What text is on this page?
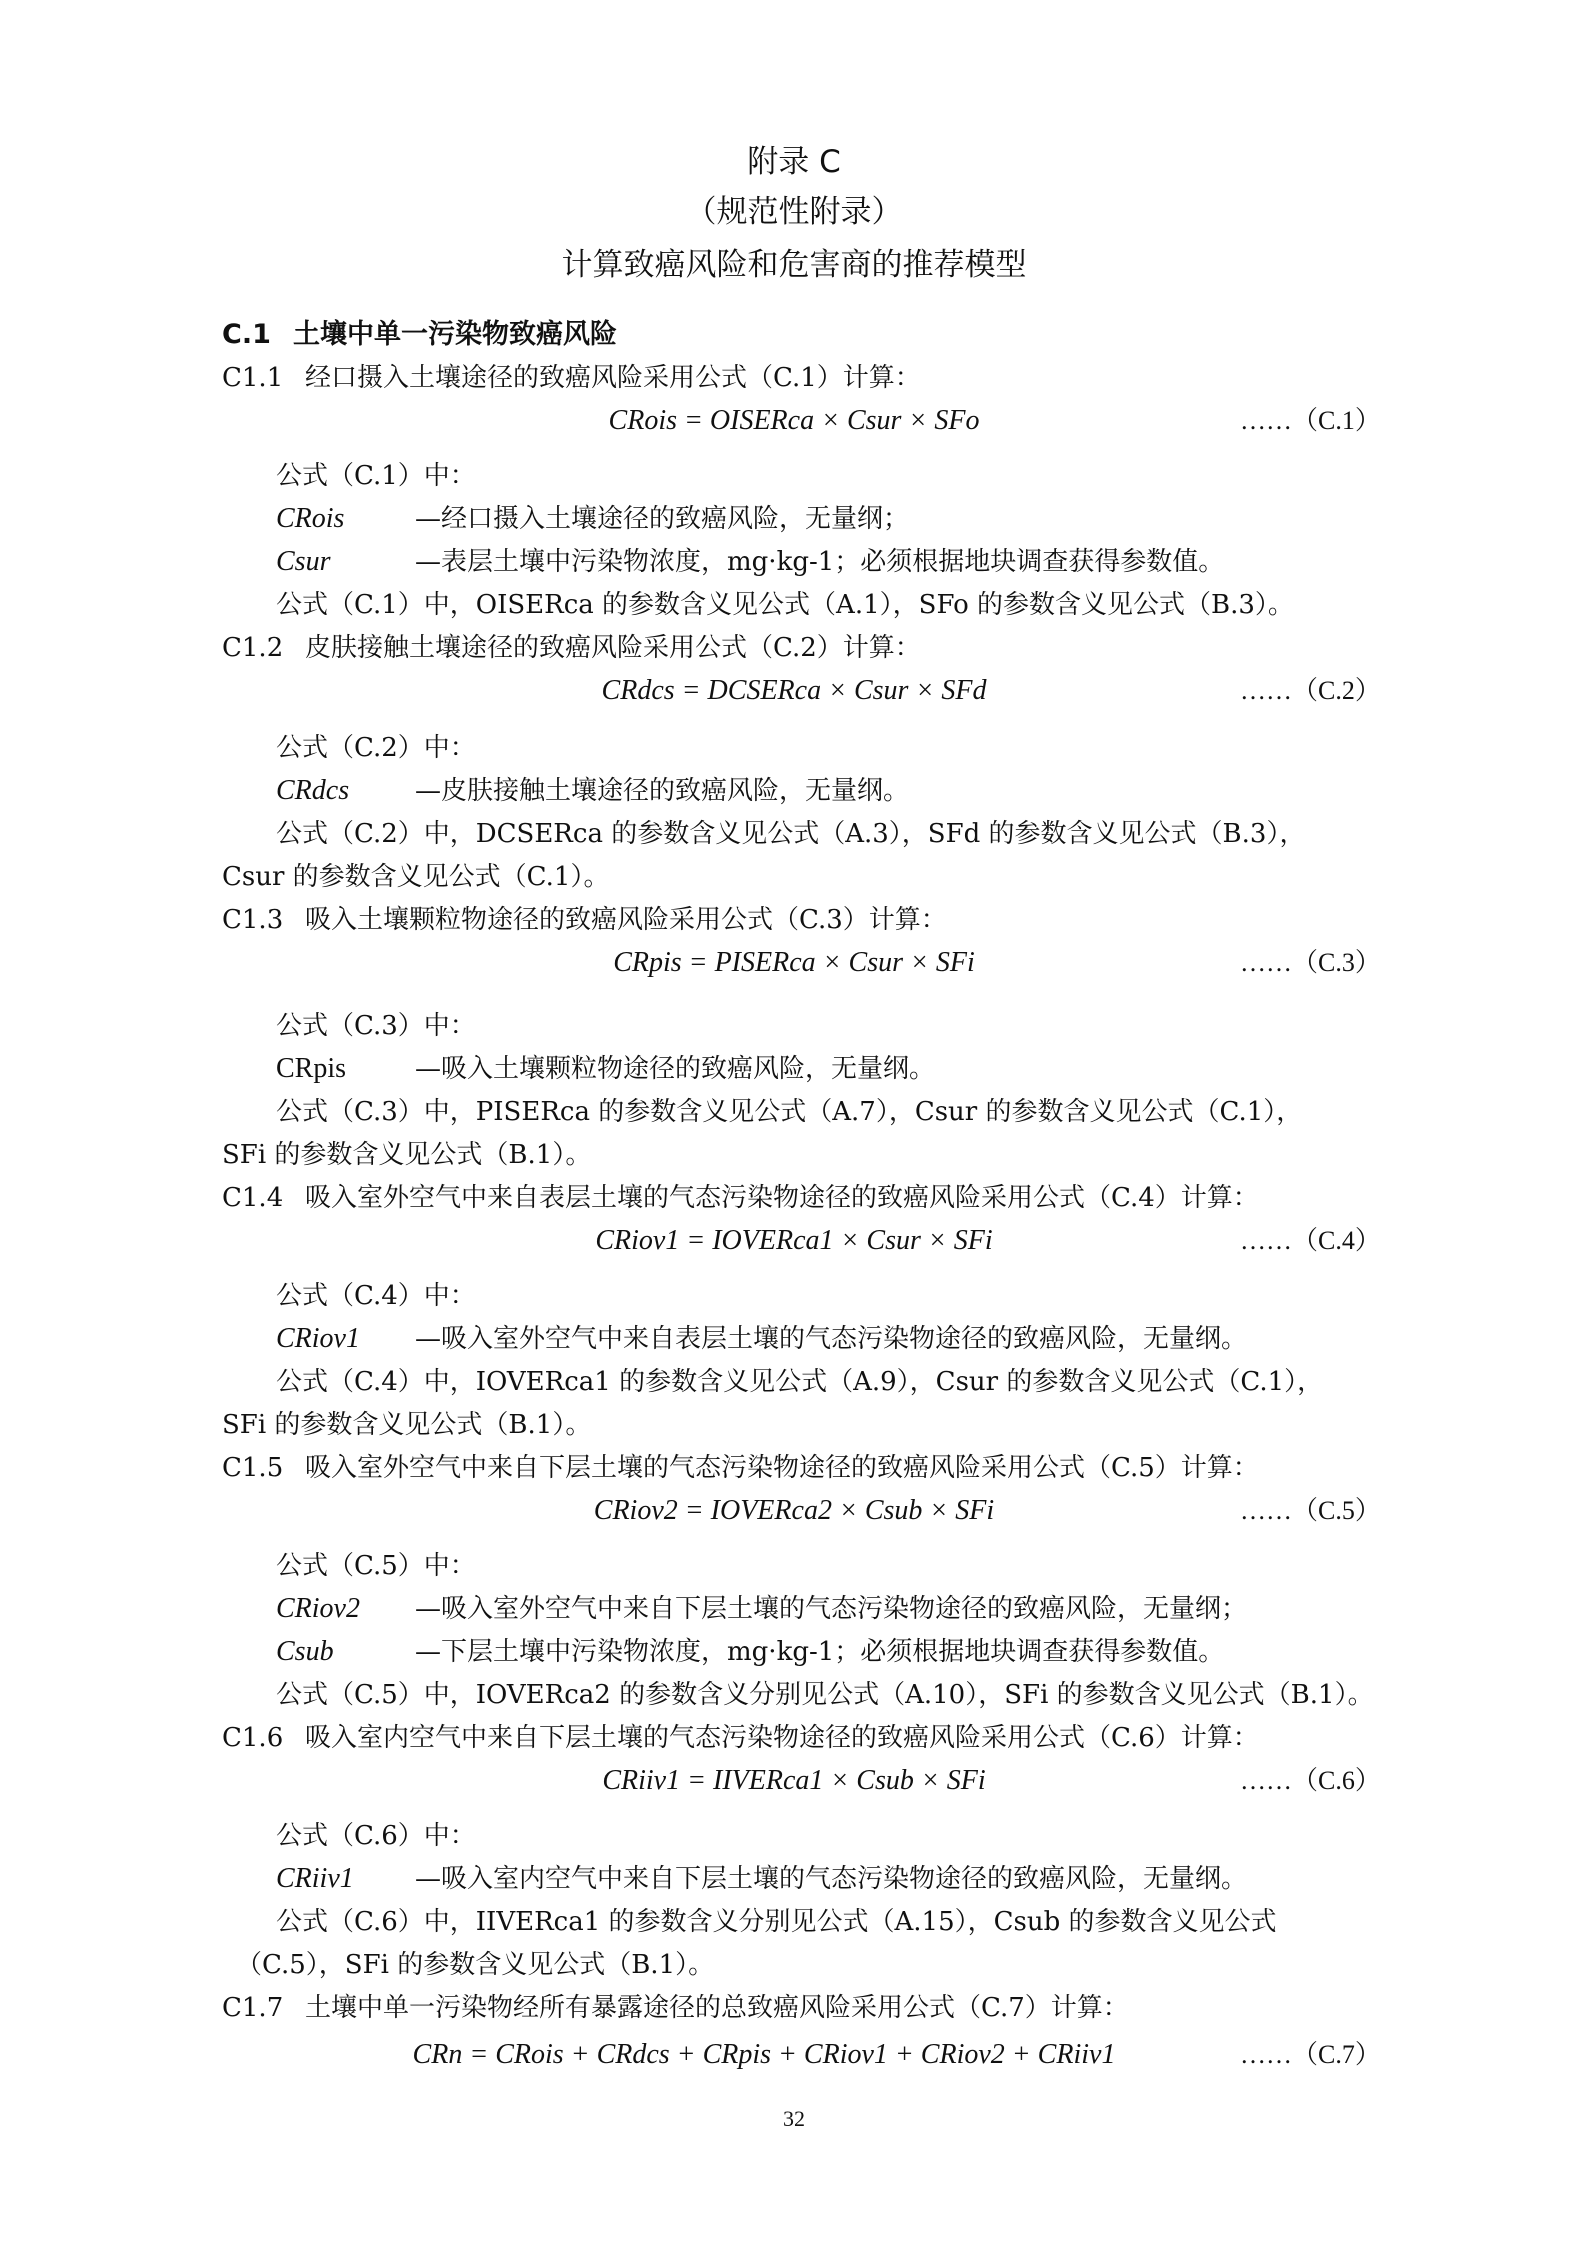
附录 C
（规范性附录）
计算致癌风险和危害商的推荐模型
C.1 土壤中单一污染物致癌风险
C1.1 经口摄入土壤途径的致癌风险采用公式（C.1）计算：
CRois = OISERca × Csur × SFo	……（C.1）
公式（C.1）中：
CRois	—经口摄入土壤途径的致癌风险，无量纲；
Csur	—表层土壤中污染物浓度，mg·kg-1；必须根据地块调查获得参数值。
公式（C.1）中，OISERca 的参数含义见公式（A.1），SFo 的参数含义见公式（B.3）。
C1.2 皮肤接触土壤途径的致癌风险采用公式（C.2）计算：
CRdcs = DCSERca × Csur × SFd	……（C.2）
公式（C.2）中：
CRdcs	—皮肤接触土壤途径的致癌风险，无量纲。
公式（C.2）中，DCSERca 的参数含义见公式（A.3），SFd 的参数含义见公式（B.3），
Csur 的参数含义见公式（C.1）。
C1.3 吸入土壤颗粒物途径的致癌风险采用公式（C.3）计算：
CRpis = PISERca × Csur × SFi	……（C.3）
公式（C.3）中：
CRpis	—吸入土壤颗粒物途径的致癌风险，无量纲。
公式（C.3）中，PISERca 的参数含义见公式（A.7），Csur 的参数含义见公式（C.1），
SFi 的参数含义见公式（B.1）。
C1.4 吸入室外空气中来自表层土壤的气态污染物途径的致癌风险采用公式（C.4）计算：
CRiov1 = IOVERca1 × Csur × SFi	……（C.4）
公式（C.4）中：
CRiov1 —吸入室外空气中来自表层土壤的气态污染物途径的致癌风险，无量纲。
公式（C.4）中，IOVERca1 的参数含义见公式（A.9），Csur 的参数含义见公式（C.1），
SFi 的参数含义见公式（B.1）。
C1.5 吸入室外空气中来自下层土壤的气态污染物途径的致癌风险采用公式（C.5）计算：
CRiov2 = IOVERca2 × Csub × SFi	……（C.5）
公式（C.5）中：
CRiov2 —吸入室外空气中来自下层土壤的气态污染物途径的致癌风险，无量纲；
Csub	—下层土壤中污染物浓度，mg·kg-1；必须根据地块调查获得参数值。
公式（C.5）中，IOVERca2 的参数含义分别见公式（A.10），SFi 的参数含义见公式（B.1）。
C1.6 吸入室内空气中来自下层土壤的气态污染物途径的致癌风险采用公式（C.6）计算：
CRiiv1 = IIVERca1 × Csub × SFi	……（C.6）
公式（C.6）中：
CRiiv1 —吸入室内空气中来自下层土壤的气态污染物途径的致癌风险，无量纲。
公式（C.6）中，IIVERca1 的参数含义分别见公式（A.15），Csub 的参数含义见公式
（C.5），SFi 的参数含义见公式（B.1）。
C1.7 土壤中单一污染物经所有暴露途径的总致癌风险采用公式（C.7）计算：
CRn = CRois + CRdcs + CRpis + CRiov1 + CRiov2 + CRiiv1	……（C.7）
32
